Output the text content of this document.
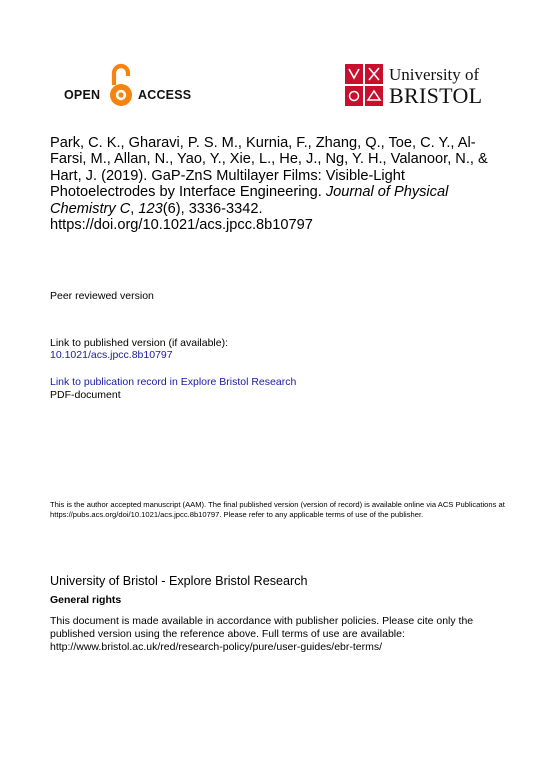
OPEN	ACCESS
University of
BRISTOL
Park, C. K., Gharavi, P. S. M., Kurnia, F., Zhang, Q., Toe, C. Y., Al-Farsi, M., Allan, N., Yao, Y., Xie, L., He, J., Ng, Y. H., Valanoor, N., & Hart, J. (2019). GaP-ZnS Multilayer Films: Visible-Light Photoelectrodes by Interface Engineering. Journal of Physical Chemistry C, 123(6), 3336-3342.
https://doi.org/10.1021/acs.jpcc.8b10797
Peer reviewed version
Link to published version (if available):
10.1021/acs.jpcc.8b10797
Link to publication record in Explore Bristol Research
PDF-document
This is the author accepted manuscript (AAM). The final published version (version of record) is available online via ACS Publications at https://pubs.acs.org/doi/10.1021/acs.jpcc.8b10797. Please refer to any applicable terms of use of the publisher.
University of Bristol - Explore Bristol Research
General rights
This document is made available in accordance with publisher policies. Please cite only the published version using the reference above. Full terms of use are available: http://www.bristol.ac.uk/red/research-policy/pure/user-guides/ebr-terms/
